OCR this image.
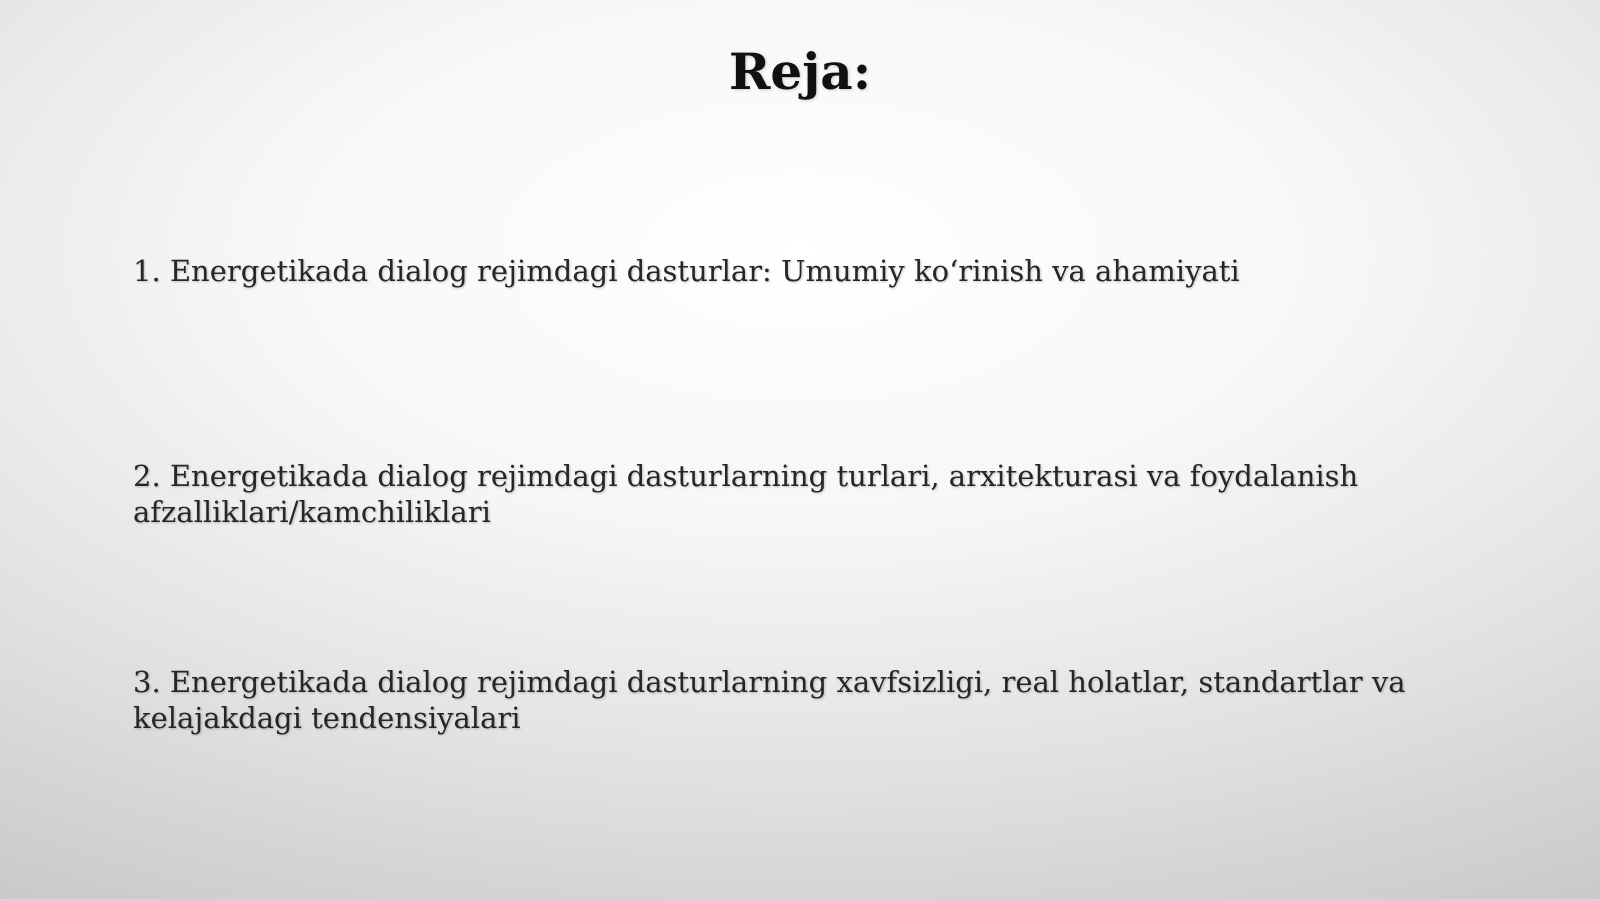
Reja:
1. Energetikada dialog rejimdagi dasturlar: Umumiy ko‘rinish va ahamiyati
2. Energetikada dialog rejimdagi dasturlarning turlari, arxitekturasi va foydalanish afzalliklari/kamchiliklari
3. Energetikada dialog rejimdagi dasturlarning xavfsizligi, real holatlar, standartlar va kelajakdagi tendensiyalari
